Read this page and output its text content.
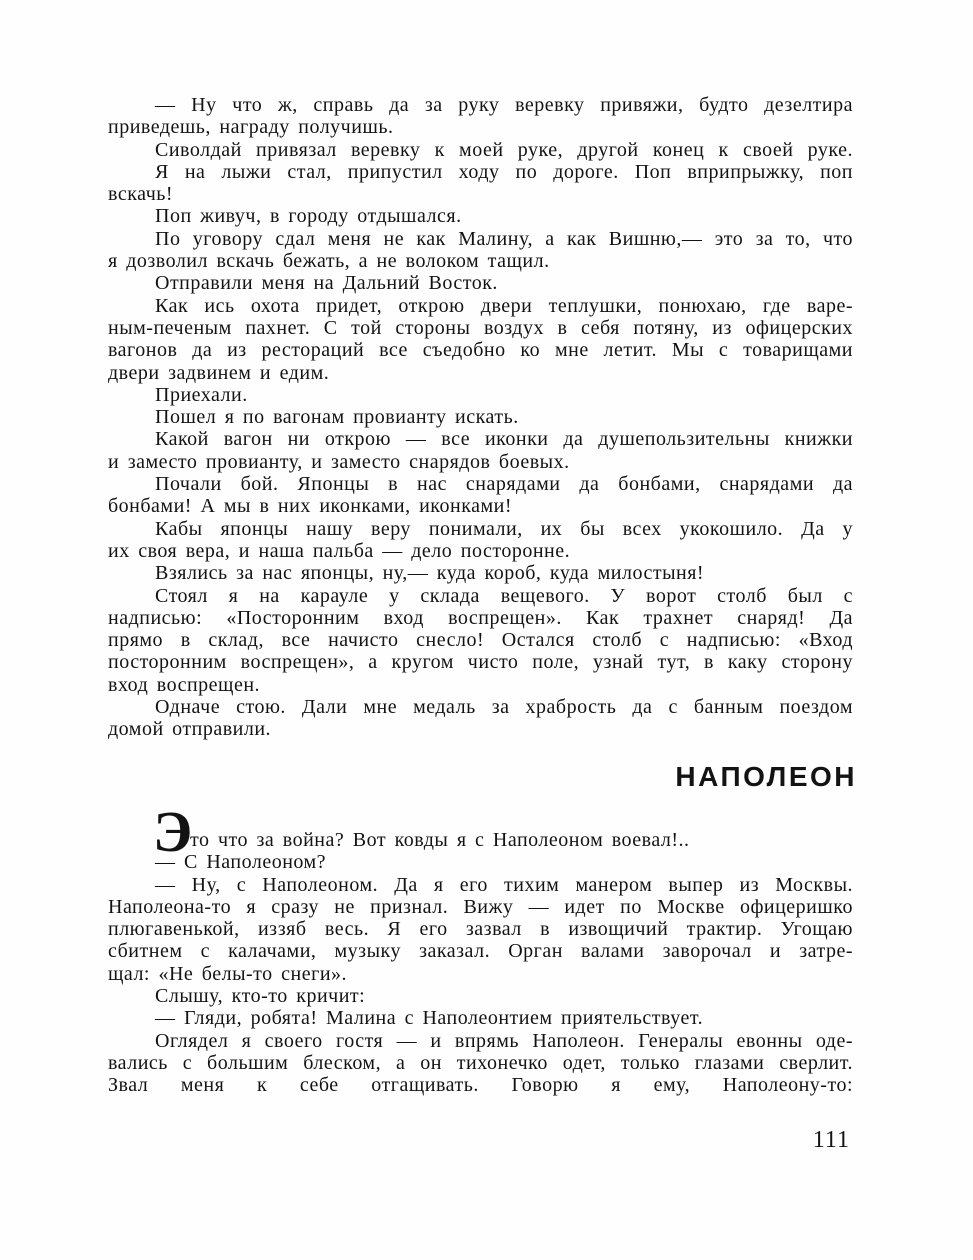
— Ну что ж, справь да за руку веревку привяжи, будто дезелтира
приведешь, награду получишь.
Сиволдай привязал веревку к моей руке, другой конец к своей руке.
Я на лыжи стал, припустил ходу по дороге. Поп вприпрыжку, поп
вскачь!
Поп живуч, в городу отдышался.
По уговору сдал меня не как Малину, а как Вишню,— это за то, что
я дозволил вскачь бежать, а не волоком тащил.
Отправили меня на Дальний Восток.
Как ись охота придет, открою двери теплушки, понюхаю, где варе-
ным-печеным пахнет. С той стороны воздух в себя потяну, из офицерских
вагонов да из рестораций все съедобно ко мне летит. Мы с товарищами
двери задвинем и едим.
Приехали.
Пошел я по вагонам провианту искать.
Какой вагон ни открою — все иконки да душепользительны книжки
и заместо провианту, и заместо снарядов боевых.
Почали бой. Японцы в нас снарядами да бонбами, снарядами да
бонбами! А мы в них иконками, иконками!
Кабы японцы нашу веру понимали, их бы всех укокошило. Да у
их своя вера, и наша пальба — дело посторонне.
Взялись за нас японцы, ну,— куда короб, куда милостыня!
Стоял я на карауле у склада вещевого. У ворот столб был с
надписью: «Посторонним вход воспрещен». Как трахнет снаряд! Да
прямо в склад, все начисто снесло! Остался столб с надписью: «Вход
посторонним воспрещен», а кругом чисто поле, узнай тут, в каку сторону
вход воспрещен.
Одначе стою. Дали мне медаль за храбрость да с банным поездом
домой отправили.
НАПОЛЕОН
Э
то что за война? Вот ковды я с Наполеоном воевал!..
— С Наполеоном?
— Ну, с Наполеоном. Да я его тихим манером выпер из Москвы.
Наполеона-то я сразу не признал. Вижу — идет по Москве офицеришко
плюгавенькой, иззяб весь. Я его зазвал в извощичий трактир. Угощаю
сбитнем с калачами, музыку заказал. Орган валами заворочал и затре-
щал: «Не белы-то снеги».
Слышу, кто-то кричит:
— Гляди, робята! Малина с Наполеонтием приятельствует.
Оглядел я своего гостя — и впрямь Наполеон. Генералы евонны оде-
вались с большим блеском, а он тихонечко одет, только глазами сверлит.
Звал меня к себе отгащивать. Говорю я ему, Наполеону-то:
111
